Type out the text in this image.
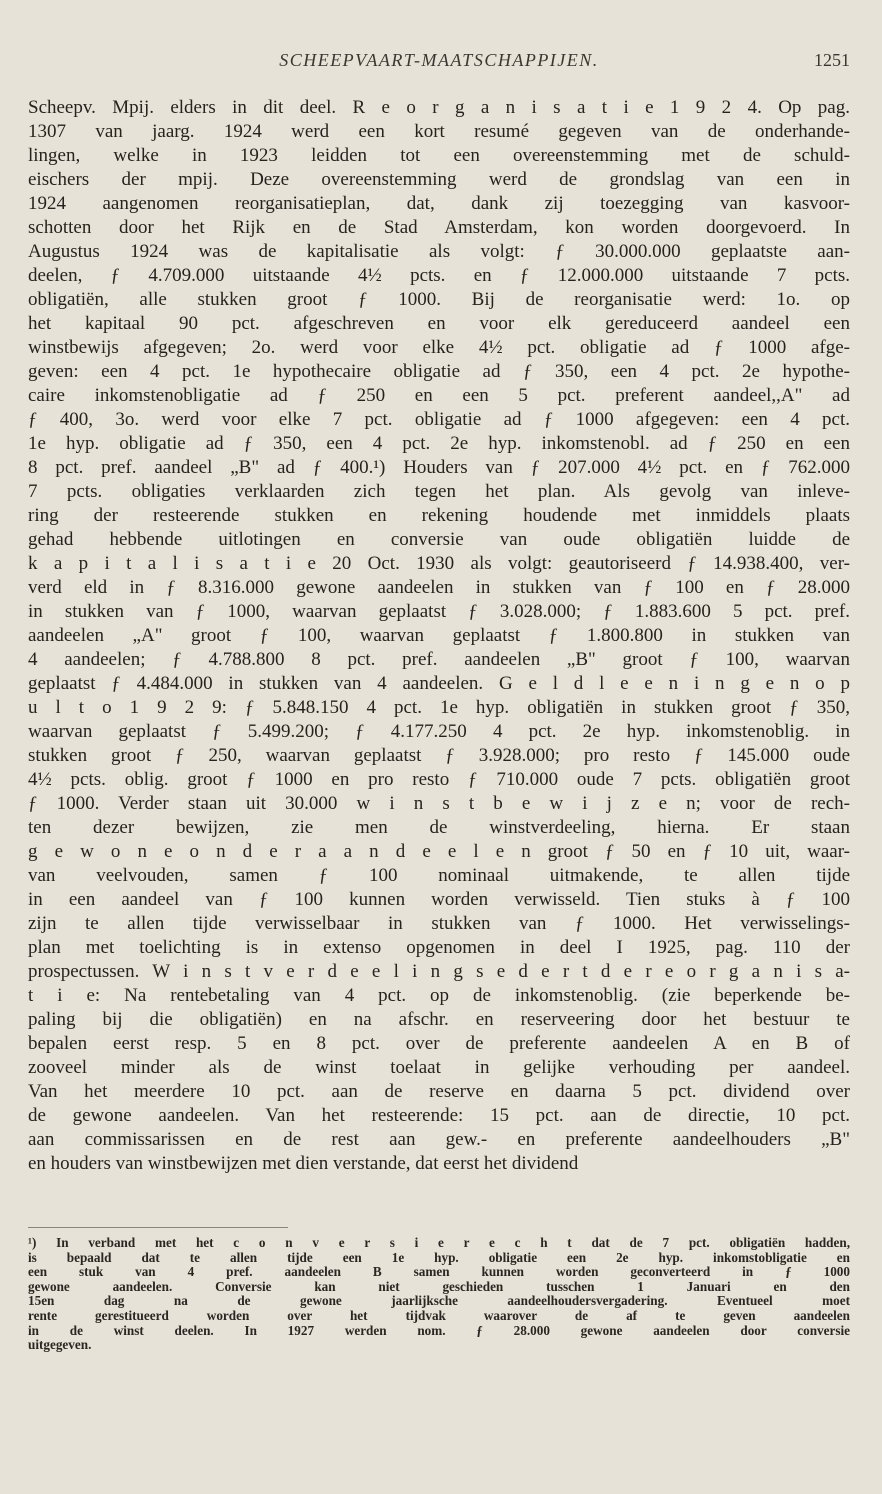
SCHEEPVAART-MAATSCHAPPIJEN.	1251
Scheepv. Mpij. elders in dit deel. R e o r g a n i s a t i e 1 9 2 4. Op pag.
1307 van jaarg. 1924 werd een kort resumé gegeven van de onderhande-
lingen, welke in 1923 leidden tot een overeenstemming met de schuld-
eischers der mpij. Deze overeenstemming werd de grondslag van een in
1924 aangenomen reorganisatieplan, dat, dank zij toezegging van kasvoor-
schotten door het Rijk en de Stad Amsterdam, kon worden doorgevoerd. In
Augustus 1924 was de kapitalisatie als volgt: ƒ 30.000.000 geplaatste aan-
deelen, ƒ 4.709.000 uitstaande 4½ pcts. en ƒ 12.000.000 uitstaande 7 pcts.
obligatiën, alle stukken groot ƒ 1000. Bij de reorganisatie werd: 1o. op
het kapitaal 90 pct. afgeschreven en voor elk gereduceerd aandeel een
winstbewijs afgegeven; 2o. werd voor elke 4½ pct. obligatie ad ƒ 1000 afge-
geven: een 4 pct. 1e hypothecaire obligatie ad ƒ 350, een 4 pct. 2e hypothe-
caire inkomstenobligatie ad ƒ 250 en een 5 pct. preferent aandeel,,A" ad
ƒ 400, 3o. werd voor elke 7 pct. obligatie ad ƒ 1000 afgegeven: een 4 pct.
1e hyp. obligatie ad ƒ 350, een 4 pct. 2e hyp. inkomstenobl. ad ƒ 250 en een
8 pct. pref. aandeel „B" ad ƒ 400.¹) Houders van ƒ 207.000 4½ pct. en ƒ 762.000
7 pcts. obligaties verklaarden zich tegen het plan. Als gevolg van inleve-
ring der resteerende stukken en rekening houdende met inmiddels plaats
gehad hebbende uitlotingen en conversie van oude obligatiën luidde de
k a p i t a l i s a t i e 20 Oct. 1930 als volgt: geautoriseerd ƒ 14.938.400, ver-
verd eld in ƒ 8.316.000 gewone aandeelen in stukken van ƒ 100 en ƒ 28.000
in stukken van ƒ 1000, waarvan geplaatst ƒ 3.028.000; ƒ 1.883.600 5 pct. pref.
aandeelen „A" groot ƒ 100, waarvan geplaatst ƒ 1.800.800 in stukken van
4 aandeelen; ƒ 4.788.800 8 pct. pref. aandeelen „B" groot ƒ 100, waarvan
geplaatst ƒ 4.484.000 in stukken van 4 aandeelen. G e l d l e e n i n g e n o p
u l t o 1 9 2 9: ƒ 5.848.150 4 pct. 1e hyp. obligatiën in stukken groot ƒ 350,
waarvan geplaatst ƒ 5.499.200; ƒ 4.177.250 4 pct. 2e hyp. inkomstenoblig. in
stukken groot ƒ 250, waarvan geplaatst ƒ 3.928.000; pro resto ƒ 145.000 oude
4½ pcts. oblig. groot ƒ 1000 en pro resto ƒ 710.000 oude 7 pcts. obligatiën groot
ƒ 1000. Verder staan uit 30.000 w i n s t b e w i j z e n; voor de rech-
ten dezer bewijzen, zie men de winstverdeeling, hierna. Er staan
g e w o n e o n d e r a a n d e e l e n groot ƒ 50 en ƒ 10 uit, waar-
van veelvouden, samen ƒ 100 nominaal uitmakende, te allen tijde
in een aandeel van ƒ 100 kunnen worden verwisseld. Tien stuks à ƒ 100
zijn te allen tijde verwisselbaar in stukken van ƒ 1000. Het verwisselings-
plan met toelichting is in extenso opgenomen in deel I 1925, pag. 110 der
prospectussen. W i n s t v e r d e e l i n g s e d e r t d e r e o r g a n i s a-
t i e: Na rentebetaling van 4 pct. op de inkomstenoblig. (zie beperkende be-
paling bij die obligatiën) en na afschr. en reserveering door het bestuur te
bepalen eerst resp. 5 en 8 pct. over de preferente aandeelen A en B of
zooveel minder als de winst toelaat in gelijke verhouding per aandeel.
Van het meerdere 10 pct. aan de reserve en daarna 5 pct. dividend over
de gewone aandeelen. Van het resteerende: 15 pct. aan de directie, 10 pct.
aan commissarissen en de rest aan gew.- en preferente aandeelhouders „B"
en houders van winstbewijzen met dien verstande, dat eerst het dividend
¹) In verband met het c o n v e r s i e r e c h t dat de 7 pct. obligatiën hadden,
is bepaald dat te allen tijde een 1e hyp. obligatie een 2e hyp. inkomstobligatie en
een stuk van 4 pref. aandeelen B samen kunnen worden geconverteerd in ƒ 1000
gewone aandeelen. Conversie kan niet geschieden tusschen 1 Januari en den
15en dag na de gewone jaarlijksche aandeelhoudersvergadering. Eventueel moet
rente gerestitueerd worden over het tijdvak waarover de af te geven aandeelen
in de winst deelen. In 1927 werden nom. ƒ 28.000 gewone aandeelen door conversie
uitgegeven.
